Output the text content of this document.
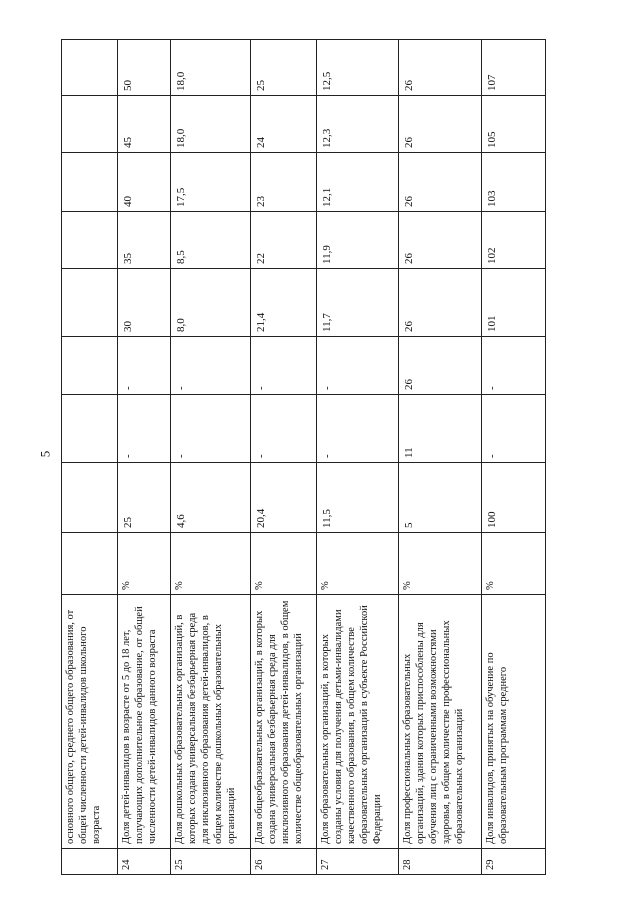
5
	основного общего, среднего общего образования, от общей численности детей-инвалидов школьного возраста									
24	Доля детей-инвалидов в возрасте от 5 до 18 лет, получающих дополнительное образование, от общей численности детей-инвалидов данного возраста	%	25	-	-	30	35	40	45	50
25	Доля дошкольных образовательных организаций, в которых создана универсальная безбарьерная среда для инклюзивного образования детей-инвалидов, в общем количестве дошкольных образовательных организаций	%	4,6	-	-	8,0	8,5	17,5	18,0	18,0
26	Доля общеобразовательных организаций, в которых создана универсальная безбарьерная среда для инклюзивного образования детей-инвалидов, в общем количестве общеобразовательных организаций	%	20,4	-	-	21,4	22	23	24	25
27	Доля образовательных организаций, в которых созданы условия для получения детьми-инвалидами качественного образования, в общем количестве образовательных организаций в субъекте Российской Федерации	%	11,5	-	-	11,7	11,9	12,1	12,3	12,5
28	Доля профессиональных образовательных организаций, здания которых приспособлены для обучения лиц с ограниченными возможностями здоровья, в общем количестве профессиональных образовательных организаций	%	5	11	26	26	26	26	26	26
29	Доля инвалидов, принятых на обучение по образовательным программам среднего	%	100	-	-	101	102	103	105	107
